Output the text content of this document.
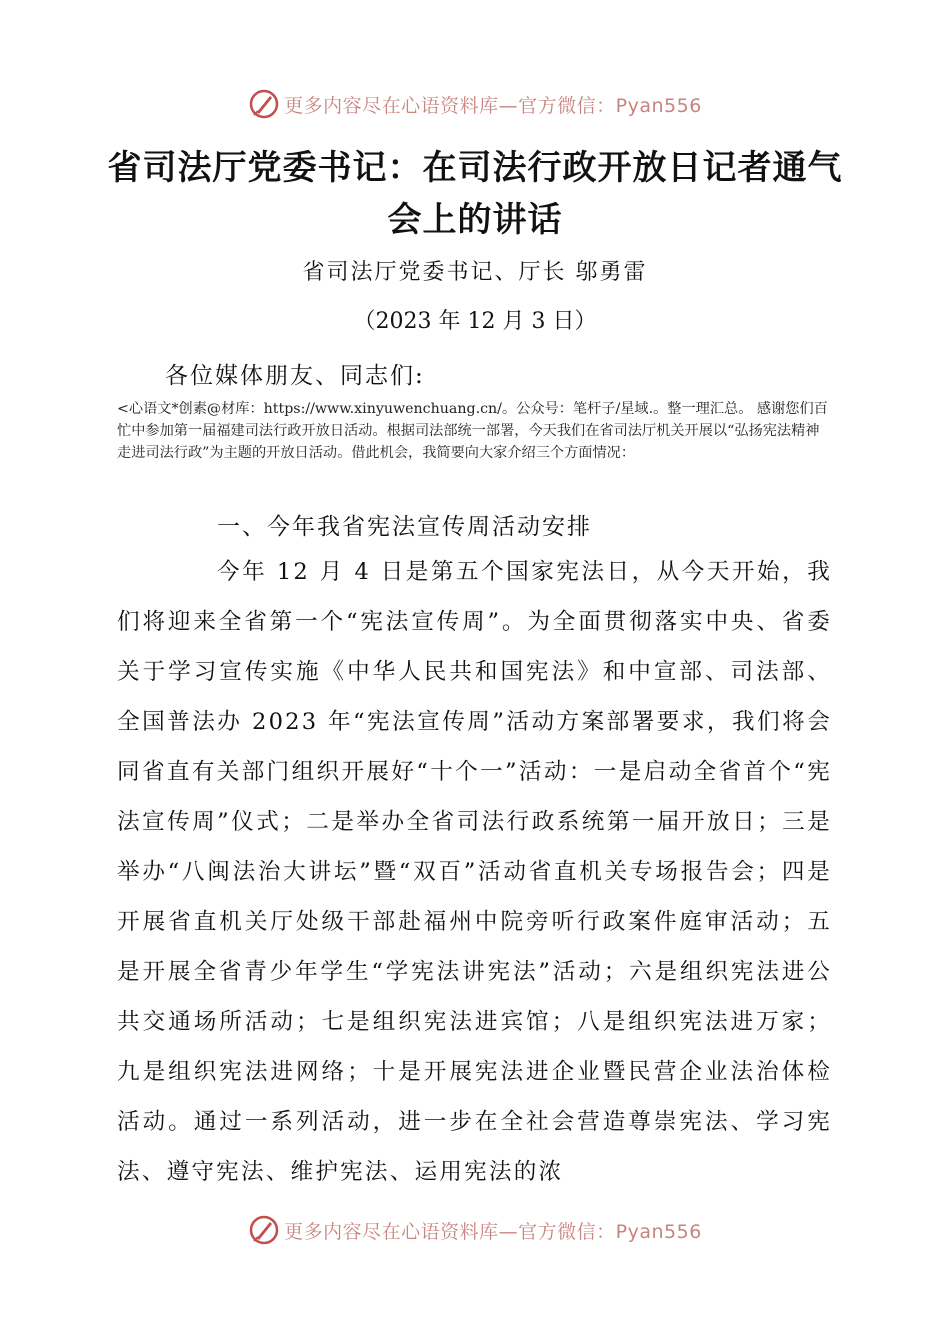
更多内容尽在心语资料库—官方微信：Pyan556
省司法厅党委书记：在司法行政开放日记者通气会上的讲话
省司法厅党委书记、厅长 邬勇雷
（2023 年 12 月 3 日）
各位媒体朋友、同志们:
<心语文*创素@材库：https://www.xinyuwenchuang.cn/。公众号：笔杆子/星域.。整一理汇总。 感谢您们百忙中参加第一届福建司法行政开放日活动。根据司法部统一部署，今天我们在省司法厅机关开展以“弘扬宪法精神走进司法行政”为主题的开放日活动。借此机会，我简要向大家介绍三个方面情况：
一、今年我省宪法宣传周活动安排
今年 12 月 4 日是第五个国家宪法日，从今天开始，我们将迎来全省第一个“宪法宣传周”。为全面贯彻落实中央、省委关于学习宣传实施《中华人民共和国宪法》和中宣部、司法部、全国普法办 2023 年“宪法宣传周”活动方案部署要求，我们将会同省直有关部门组织开展好“十个一”活动：一是启动全省首个“宪法宣传周”仪式；二是举办全省司法行政系统第一届开放日；三是举办“八闽法治大讲坛”暨“双百”活动省直机关专场报告会；四是开展省直机关厅处级干部赴福州中院旁听行政案件庭审活动；五是开展全省青少年学生“学宪法讲宪法”活动；六是组织宪法进公共交通场所活动；七是组织宪法进宾馆；八是组织宪法进万家；九是组织宪法进网络；十是开展宪法进企业暨民营企业法治体检活动。通过一系列活动，进一步在全社会营造尊崇宪法、学习宪法、遵守宪法、维护宪法、运用宪法的浓
更多内容尽在心语资料库—官方微信：Pyan556
